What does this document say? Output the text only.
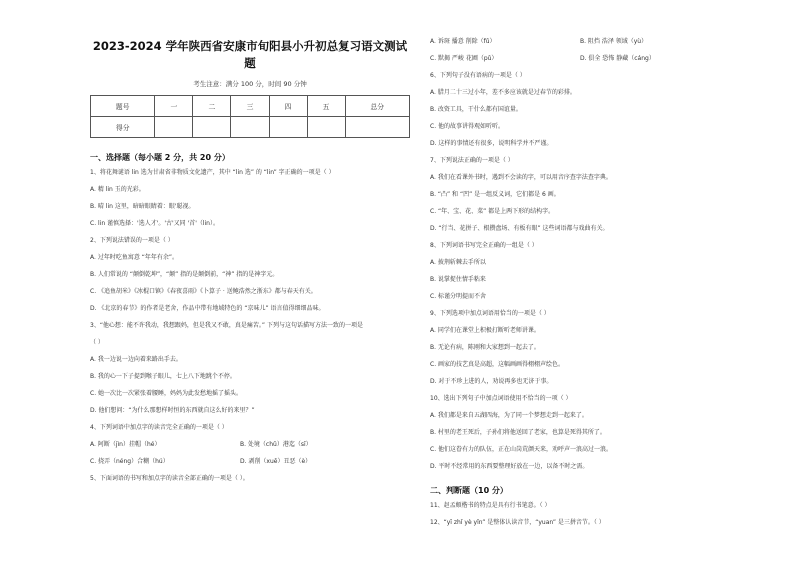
2023-2024 学年陕西省安康市旬阳县小升初总复习语文测试
题

考生注意：满分 100 分，时间 90 分钟
题号	一	二	三	四	五	总分
得分						
一、选择题（每小题 2 分，共 20 分）
1、将花舞谜语 lin 选为甘肃省非物质文化遗产，其中 “lin 选” 的 “lin” 字正确的一项是（ ）
A. 精 lin 玉的光彩。
B. 晴 lin 这里，暗暗眼睛着：眼'聪视。
C. lin 谨慎选择：'选人才'。'古'又同 '首'（lin）。
2、下列说法错误的一项是（ ）
A. 过年时吃鱼寓意 “年年有余”。
B. 人们常说的 “颠倒乾坤”，“颠” 指的是颠倒前，“神” 指的是神字元。
C. 《追鱼胡米》《冰棍口镇》《春夜喜雨》《卜算子 · 送鲍浩然之浙东》都与春天有关。
D. 《北京的春节》的作者是老舍，作品中带有地域特色的 “京味儿” 语言值得细细品味。
3、“他心想：能不许我动，我想跟妈，但是我又不敢，真是痛苦。” 下列与这句话描写方法一致的一项是
（ ）
A. 我一边说一边向着来路出手去。
B. 我的心一下子提到喉子眼儿，七上八下地跳个不停。
C. 她一次比一次紧张着腰睡，妈妈为此发愁地摇了摇头。
D. 他们想问：“为什么那想样时恒的东西就自这么好的来里？”
4、下列词语中加点字的读音完全正确的一项是（ ）
A. 阿断（jìn）挂帽（hé）	B. 处境（chǔ）港迄（sī）
C. 挠弄（néng）合糊（hú）	D. 剥削（xuē）丑恶（è）
5、下面词语的书写和加点字的读音全部正确的一项是（ ）。
A. 诉斑 播意 削除（fǔ）	B. 阻挡 浩泽 领域（yù）
C. 默揭 严峻 花圃（pǔ）	D. 俱全 恐怖 静藏（cáng）
6、下列句子没有语病的一项是（ ）
A. 腊月二十三过小年，差不多应该就是过春节的彩排。
B. 改资工具，干什么都有国谊量。
C. 他的故事讲得观如听听。
D. 这样的事情还有很多，说明科学并不严谨。
7、下列说法正确的一项是（ ）
A. 我们在看课外书时，遇到不会读的字，可以用音序查字法查字典。
B. “凸” 和 “凹” 是一组反义词，它们都是 6 画。
C. “年、宝、花、菜” 都是上两下形的结构字。
D. “行当、花拼子、根攒盘场、有板有眼” 这些词语都与戏曲有关。
8、下列词语书写完全正确的一组是（ ）
A. 披荆斩棘去手所以
B. 说掌捉住情手粘来
C. 标谨分明提而不舍
9、下列选项中加点词语用恰当的一项是（ ）
A. 同学们在课堂上积极打断听老师讲课。
B. 无论有病，陈刚和大家想到一起去了。
C. 画家的技艺真是高超，这幅画画得栩栩声绘色。
D. 对于不珍上进的人，劝说再多也无济于事。
10、选出下列句子中加点词语使用不恰当的一项（ ）
A. 我们都是来自五湖四海，为了同一个梦想走到一起来了。
B. 村里的老王死后，子孙们将他送回了老家，也算是死得其所了。
C. 他们这眷有力的队伍，正在山岗荒颜天来，劝呼声一浪高过一浪。
D. 平时不经常用的东西要整理好放在一边，以备不时之需。
二、判断题（10 分）
11、赵孟頫楷书的特点是具有行书笔意。（ ）
12、“yī zhǐ yè yǐn” 是整体认读音节，“yuan” 是三拼音节。（ ）
